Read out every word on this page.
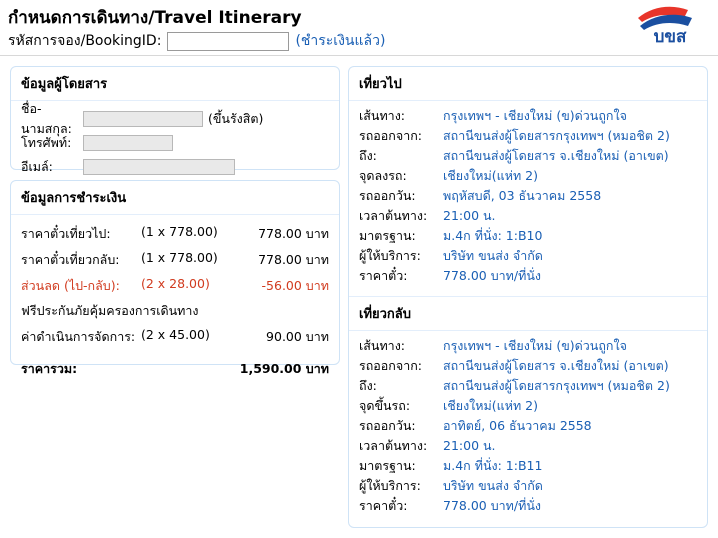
กำหนดการเดินทาง/Travel Itinerary
รหัสการจอง/BookingID:	(ชำระเงินแล้ว)	บขส
ข้อมูลผู้โดยสาร
ชื่อ-นามสกุล:
(ขึ้นรังสิต)
โทรศัพท์:
อีเมล์:
ข้อมูลการชำระเงิน
ราคาตั๋วเที่ยวไป:	(1 x 778.00)	778.00 บาท
ราคาตั๋วเที่ยวกลับ:	(1 x 778.00)	778.00 บาท
ส่วนลด (ไป-กลับ):	(2 x 28.00)	-56.00 บาท
ฟรีประกันภัยคุ้มครองการเดินทาง		
ค่าดำเนินการจัดการ:	(2 x 45.00)	90.00 บาท
ราคารวม:		1,590.00 บาท
เที่ยวไป
เส้นทาง:	กรุงเทพฯ - เชียงใหม่ (ข)ด่วนถูกใจ
รถออกจาก:	สถานีขนส่งผู้โดยสารกรุงเทพฯ (หมอชิต 2)
ถึง:	สถานีขนส่งผู้โดยสาร จ.เชียงใหม่ (อาเขต)
จุดลงรถ:	เชียงใหม่(แห่ท 2)
รถออกวัน:	พฤหัสบดี, 03 ธันวาคม 2558
เวลาต้นทาง:	21:00 น.
มาตรฐาน:	ม.4ก ที่นั่ง: 1:B10
ผู้ให้บริการ:	บริษัท ขนส่ง จำกัด
ราคาตั๋ว:	778.00 บาท/ที่นั่ง
เที่ยวกลับ
เส้นทาง:	กรุงเทพฯ - เชียงใหม่ (ข)ด่วนถูกใจ
รถออกจาก:	สถานีขนส่งผู้โดยสาร จ.เชียงใหม่ (อาเขต)
ถึง:	สถานีขนส่งผู้โดยสารกรุงเทพฯ (หมอชิต 2)
จุดขึ้นรถ:	เชียงใหม่(แห่ท 2)
รถออกวัน:	อาทิตย์, 06 ธันวาคม 2558
เวลาต้นทาง:	21:00 น.
มาตรฐาน:	ม.4ก ที่นั่ง: 1:B11
ผู้ให้บริการ:	บริษัท ขนส่ง จำกัด
ราคาตั๋ว:	778.00 บาท/ที่นั่ง
